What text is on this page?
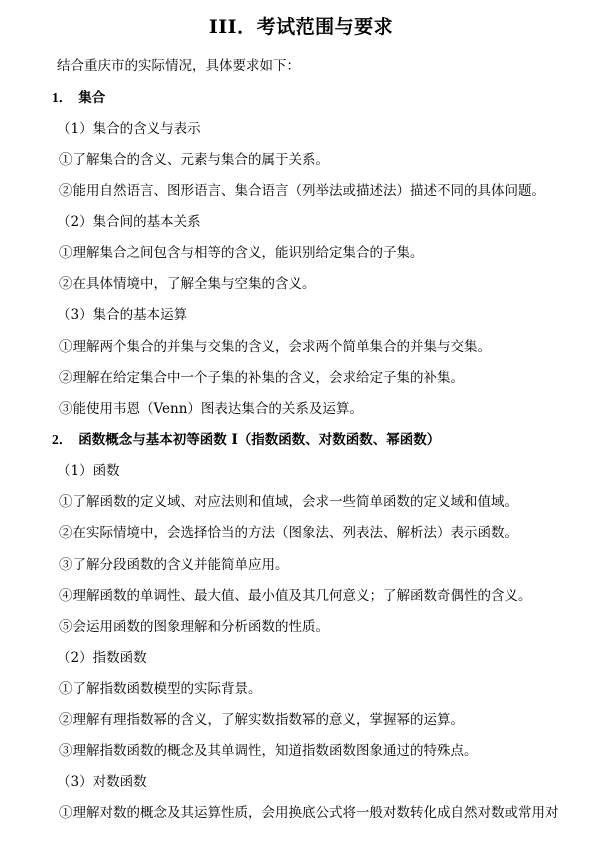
III．考试范围与要求
结合重庆市的实际情况，具体要求如下：
1． 集合
（1）集合的含义与表示
①了解集合的含义、元素与集合的属于关系。
②能用自然语言、图形语言、集合语言（列举法或描述法）描述不同的具体问题。
（2）集合间的基本关系
①理解集合之间包含与相等的含义，能识别给定集合的子集。
②在具体情境中，了解全集与空集的含义。
（3）集合的基本运算
①理解两个集合的并集与交集的含义，会求两个简单集合的并集与交集。
②理解在给定集合中一个子集的补集的含义，会求给定子集的补集。
③能使用韦恩（Venn）图表达集合的关系及运算。
2． 函数概念与基本初等函数 I（指数函数、对数函数、幂函数）
（1）函数
①了解函数的定义域、对应法则和值域，会求一些简单函数的定义域和值域。
②在实际情境中，会选择恰当的方法（图象法、列表法、解析法）表示函数。
③了解分段函数的含义并能简单应用。
④理解函数的单调性、最大值、最小值及其几何意义；了解函数奇偶性的含义。
⑤会运用函数的图象理解和分析函数的性质。
（2）指数函数
①了解指数函数模型的实际背景。
②理解有理指数幂的含义，了解实数指数幂的意义，掌握幂的运算。
③理解指数函数的概念及其单调性，知道指数函数图象通过的特殊点。
（3）对数函数
①理解对数的概念及其运算性质，会用换底公式将一般对数转化成自然对数或常用对
